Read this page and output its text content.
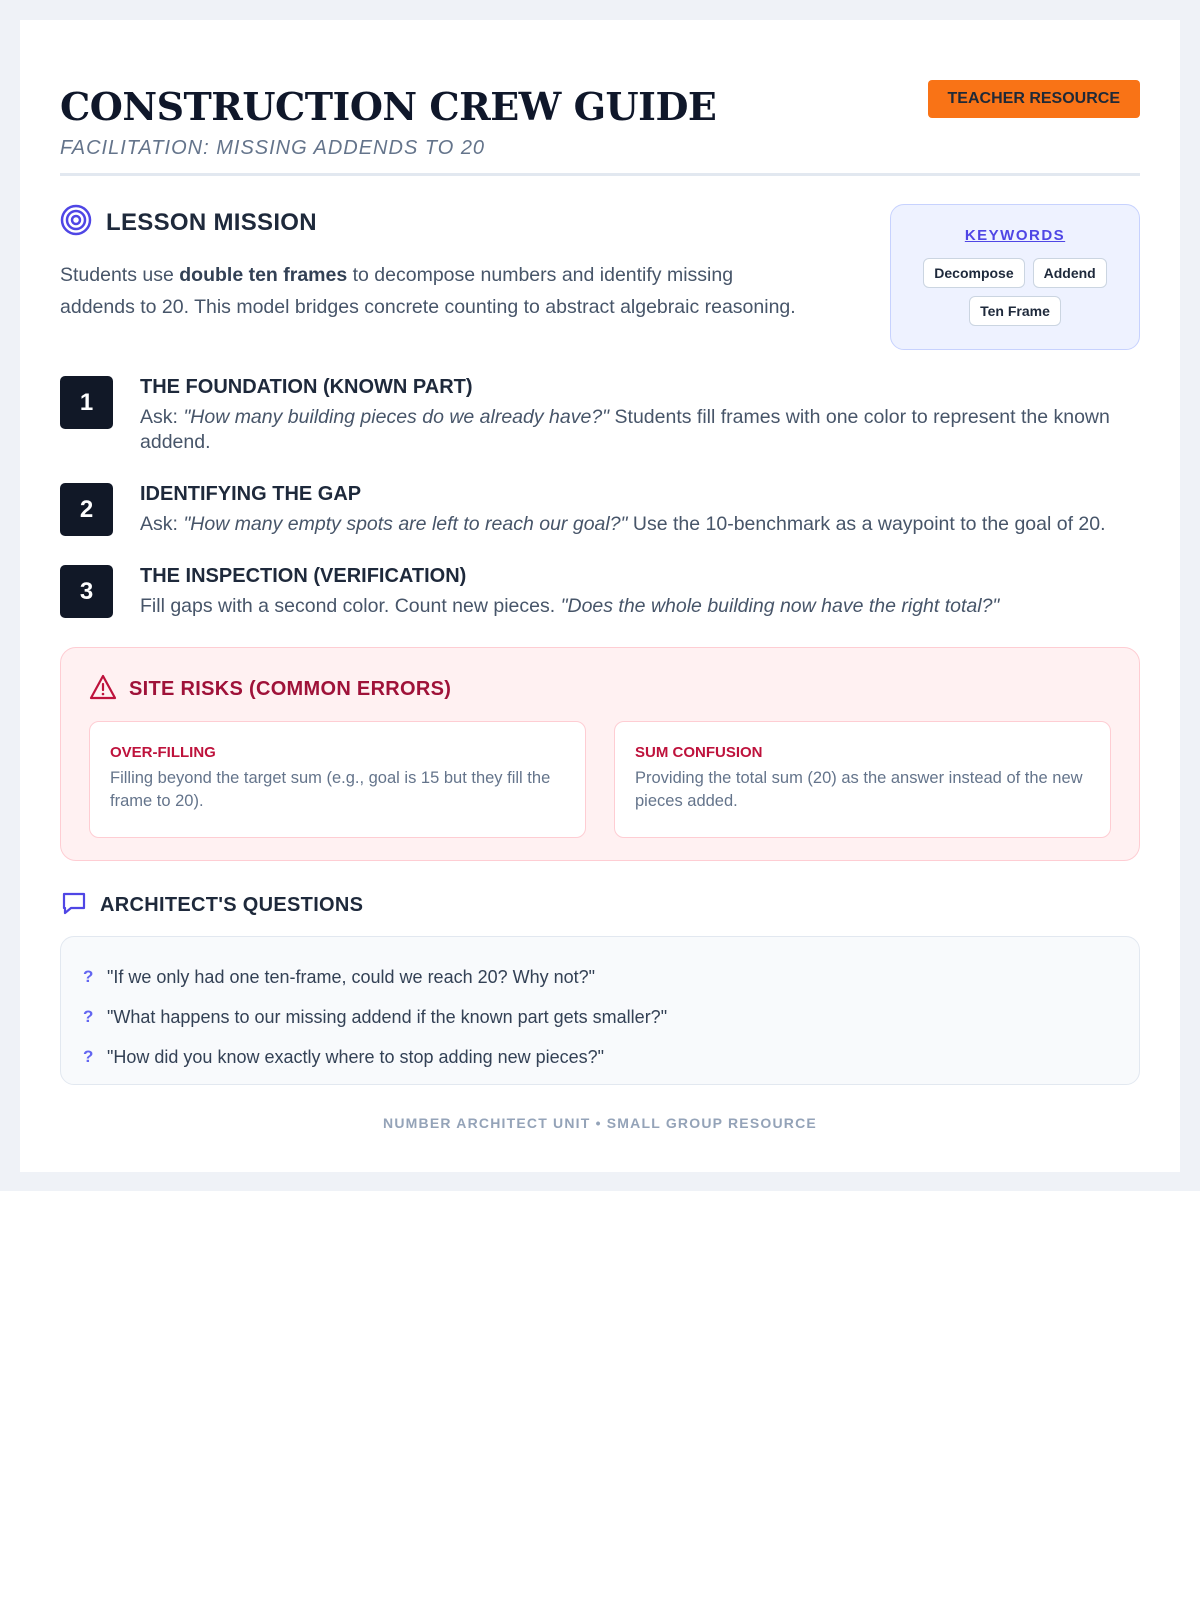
CONSTRUCTION CREW GUIDE
FACILITATION: MISSING ADDENDS TO 20
TEACHER RESOURCE
LESSON MISSION

Students use double ten frames to decompose numbers and identify missing addends to 20. This model bridges concrete counting to abstract algebraic reasoning.

KEYWORDS
Decompose	Addend
Ten Frame
1
THE FOUNDATION (KNOWN PART)
Ask: "How many building pieces do we already have?" Students fill frames with one color to represent the known addend.
2
IDENTIFYING THE GAP
Ask: "How many empty spots are left to reach our goal?" Use the 10-benchmark as a waypoint to the goal of 20.
3
THE INSPECTION (VERIFICATION)
Fill gaps with a second color. Count new pieces. "Does the whole building now have the right total?"
SITE RISKS (COMMON ERRORS)
OVER-FILLING

Filling beyond the target sum (e.g., goal is 15 but they fill the frame to 20).

SUM CONFUSION

Providing the total sum (20) as the answer instead of the new pieces added.

ARCHITECT'S QUESTIONS
? "If we only had one ten-frame, could we reach 20? Why not?"
? "What happens to our missing addend if the known part gets smaller?"
? "How did you know exactly where to stop adding new pieces?"
NUMBER ARCHITECT UNIT • SMALL GROUP RESOURCE
